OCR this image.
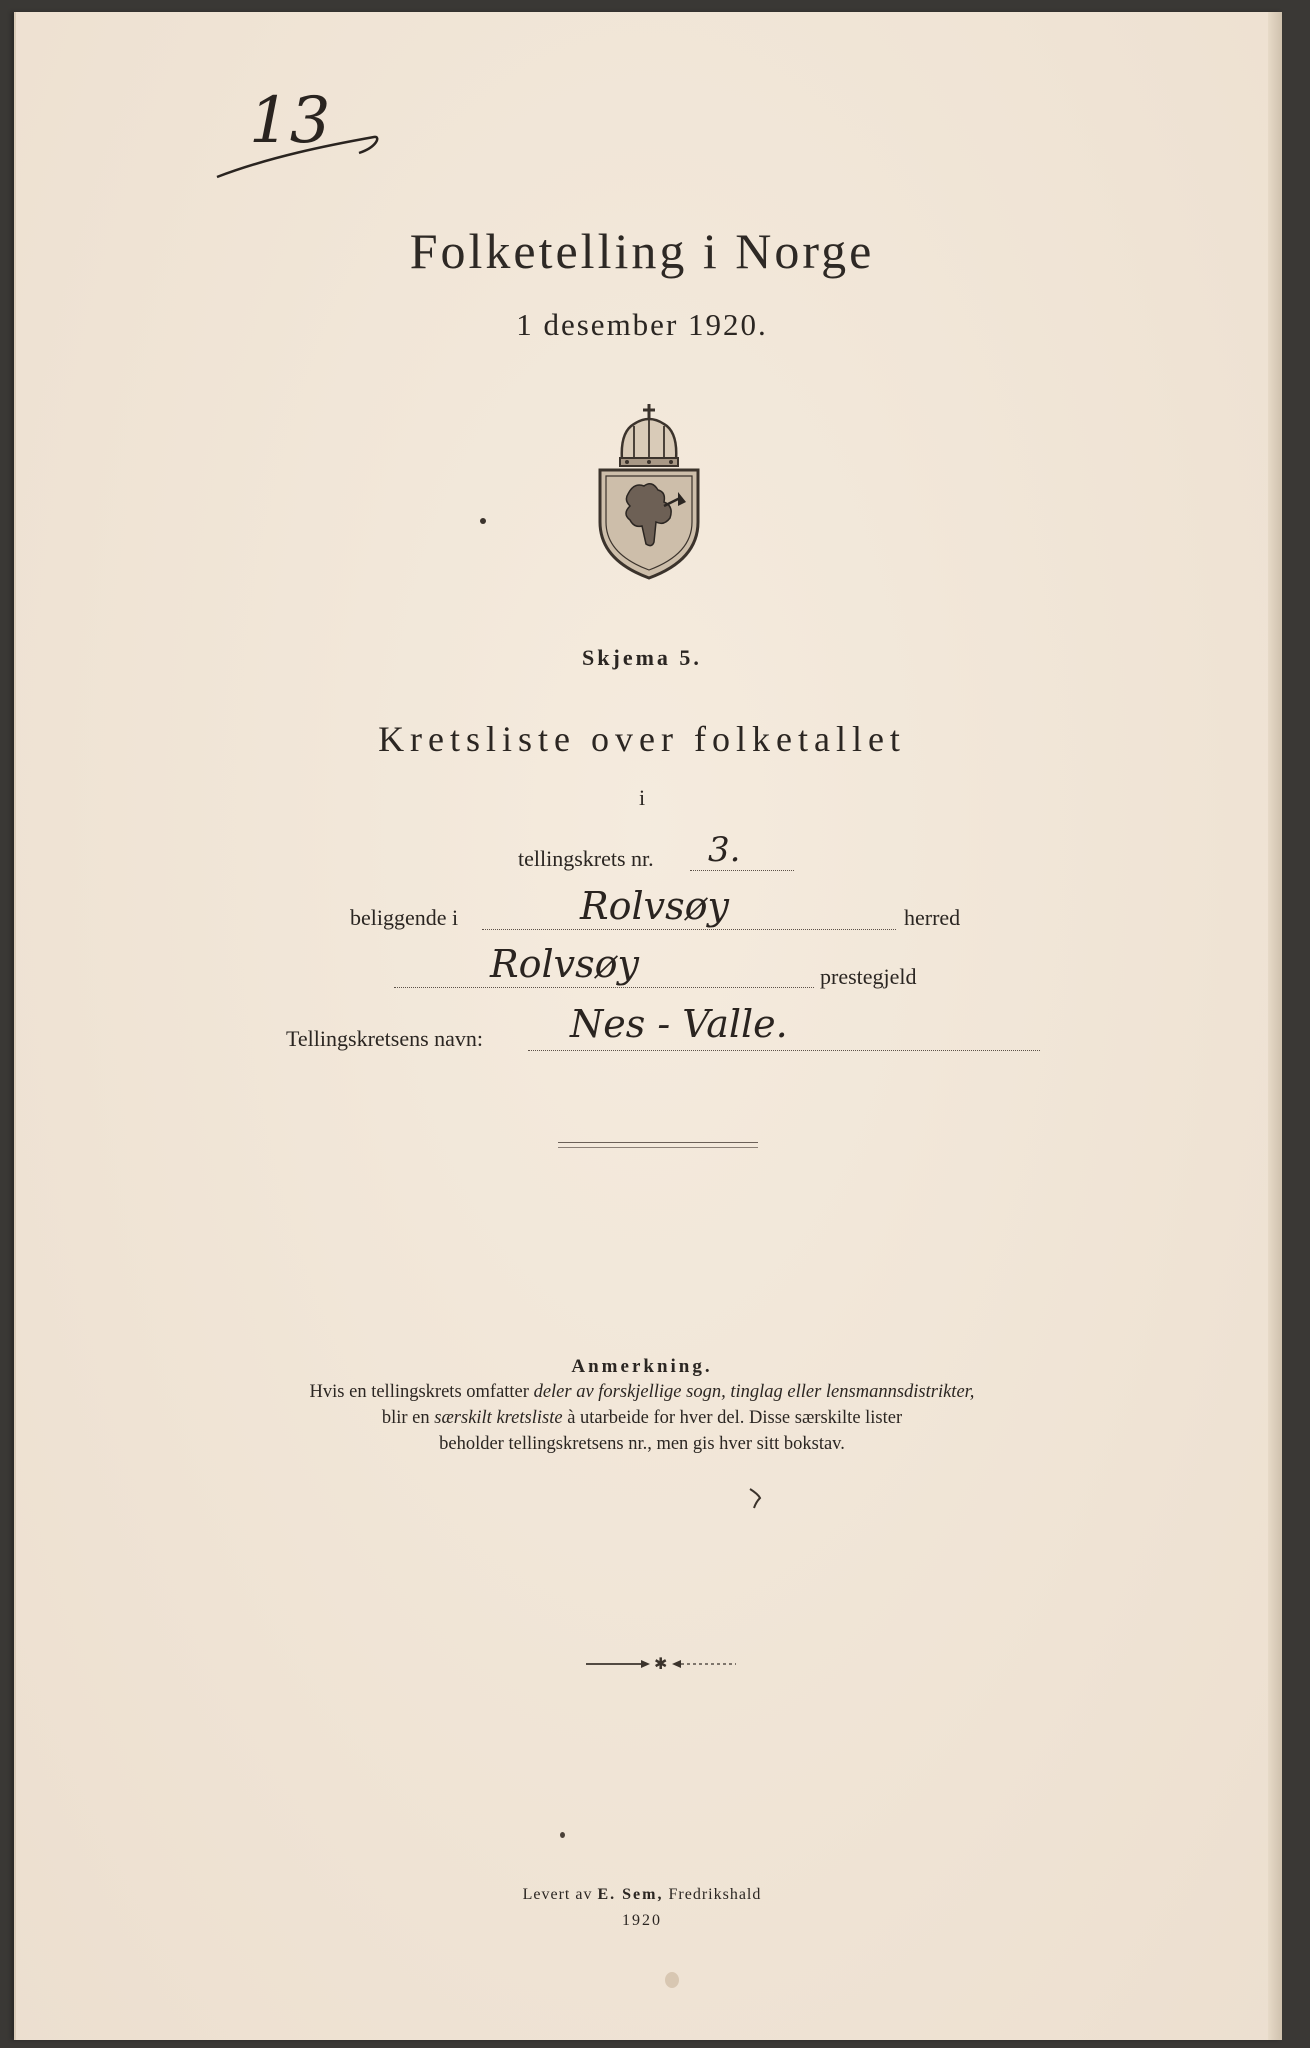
13
Folketelling i Norge
1 desember 1920.
Skjema 5.
Kretsliste over folketallet
i
tellingskrets nr. 3.
beliggende i	Rolvsøy	herred
Rolvsøy	prestegjeld
Tellingskretsens navn: Nes - Valle.
Anmerkning.
Hvis en tellingskrets omfatter deler av forskjellige sogn, tinglag eller lensmannsdistrikter,
blir en særskilt kretsliste à utarbeide for hver del. Disse særskilte lister
beholder tellingskretsens nr., men gis hver sitt bokstav.
✱
Levert av E. Sem, Fredrikshald
1920
